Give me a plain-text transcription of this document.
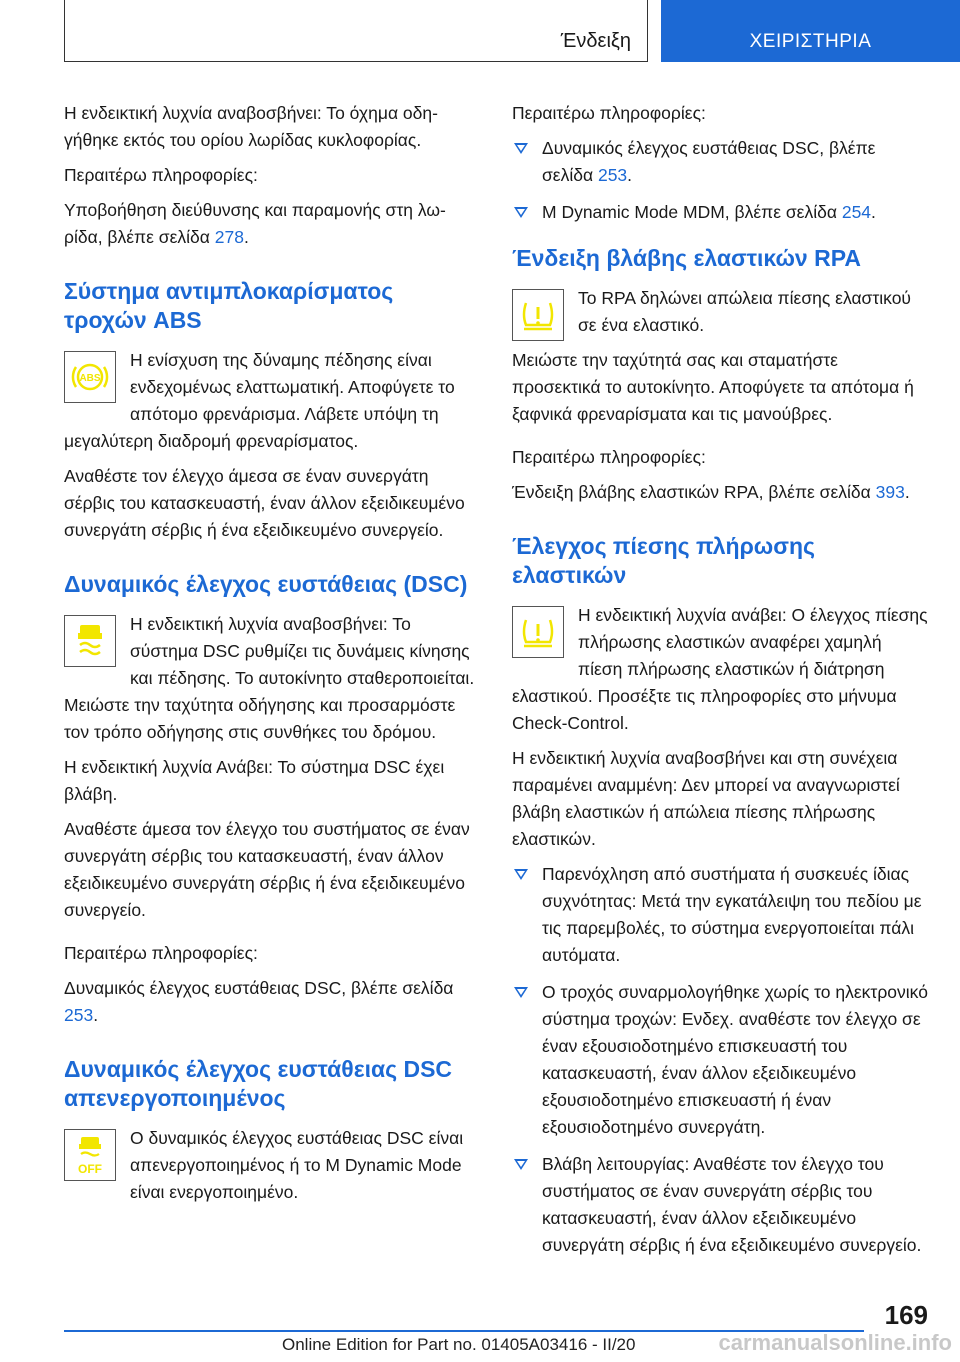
Ένδειξη	ΧΕΙΡΙΣΤΗΡΙΑ

Η ενδεικτική λυχνία αναβοσβήνει: Το όχημα οδηγήθηκε εκτός του ορίου λωρίδας κυκλοφορίας.

Περαιτέρω πληροφορίες:

Υποβοήθηση διεύθυνσης και παραμονής στη λωρίδα, βλέπε σελίδα 278.

Σύστημα αντιμπλοκαρίσματος τροχών ABS
ABS

Η ενίσχυση της δύναμης πέδησης είναι ενδεχομένως ελαττωματική. Αποφύγετε το απότομο φρενάρισμα. Λάβετε υπόψη τη μεγαλύτερη διαδρομή φρεναρίσματος.

Αναθέστε τον έλεγχο άμεσα σε έναν συνεργάτη σέρβις του κατασκευαστή, έναν άλλον εξειδικευμένο συνεργάτη σέρβις ή ένα εξειδικευμένο συνεργείο.

Δυναμικός έλεγχος ευστάθειας (DSC)

Η ενδεικτική λυχνία αναβοσβήνει: Το σύστημα DSC ρυθμίζει τις δυνάμεις κίνησης και πέδησης. Το αυτοκίνητο σταθεροποιείται. Μειώστε την ταχύτητα οδήγησης και προσαρμόστε τον τρόπο οδήγησης στις συνθήκες του δρόμου.

Η ενδεικτική λυχνία Ανάβει: Το σύστημα DSC έχει βλάβη.

Αναθέστε άμεσα τον έλεγχο του συστήματος σε έναν συνεργάτη σέρβις του κατασκευαστή, έναν άλλον εξειδικευμένο συνεργάτη σέρβις ή ένα εξειδικευμένο συνεργείο.

Περαιτέρω πληροφορίες:

Δυναμικός έλεγχος ευστάθειας DSC, βλέπε σελίδα 253.

Δυναμικός έλεγχος ευστάθειας DSC απενεργοποιημένος
OFF

Ο δυναμικός έλεγχος ευστάθειας DSC είναι απενεργοποιημένος ή το M Dynamic Mode είναι ενεργοποιημένο.

Περαιτέρω πληροφορίες:

Δυναμικός έλεγχος ευστάθειας DSC, βλέπε σελίδα 253.
M Dynamic Mode MDM, βλέπε σελίδα 254.
Ένδειξη βλάβης ελαστικών RPA

Το RPA δηλώνει απώλεια πίεσης ελαστικού σε ένα ελαστικό.

Μειώστε την ταχύτητά σας και σταματήστε προσεκτικά το αυτοκίνητο. Αποφύγετε τα απότομα ή ξαφνικά φρεναρίσματα και τις μανούβρες.

Περαιτέρω πληροφορίες:

Ένδειξη βλάβης ελαστικών RPA, βλέπε σελίδα 393.

Έλεγχος πίεσης πλήρωσης ελαστικών

Η ενδεικτική λυχνία ανάβει: Ο έλεγχος πίεσης πλήρωσης ελαστικών αναφέρει χαμηλή πίεση πλήρωσης ελαστικών ή διάτρηση ελαστικού. Προσέξτε τις πληροφορίες στο μήνυμα Check-Control.

Η ενδεικτική λυχνία αναβοσβήνει και στη συνέχεια παραμένει αναμμένη: Δεν μπορεί να αναγνωριστεί βλάβη ελαστικών ή απώλεια πίεσης πλήρωσης ελαστικών.

Παρενόχληση από συστήματα ή συσκευές ίδιας συχνότητας: Μετά την εγκατάλειψη του πεδίου με τις παρεμβολές, το σύστημα ενεργοποιείται πάλι αυτόματα.
Ο τροχός συναρμολογήθηκε χωρίς το ηλεκτρονικό σύστημα τροχών: Ενδεχ. αναθέστε τον έλεγχο σε έναν εξουσιοδοτημένο επισκευαστή του κατασκευαστή, έναν άλλον εξειδικευμένο εξουσιοδοτημένο επισκευαστή ή έναν εξουσιοδοτημένο συνεργάτη.
Βλάβη λειτουργίας: Αναθέστε τον έλεγχο του συστήματος σε έναν συνεργάτη σέρβις του κατασκευαστή, έναν άλλον εξειδικευμένο συνεργάτη σέρβις ή ένα εξειδικευμένο συνεργείο.
169
Online Edition for Part no. 01405A03416 - II/20	carmanualsonline.info
